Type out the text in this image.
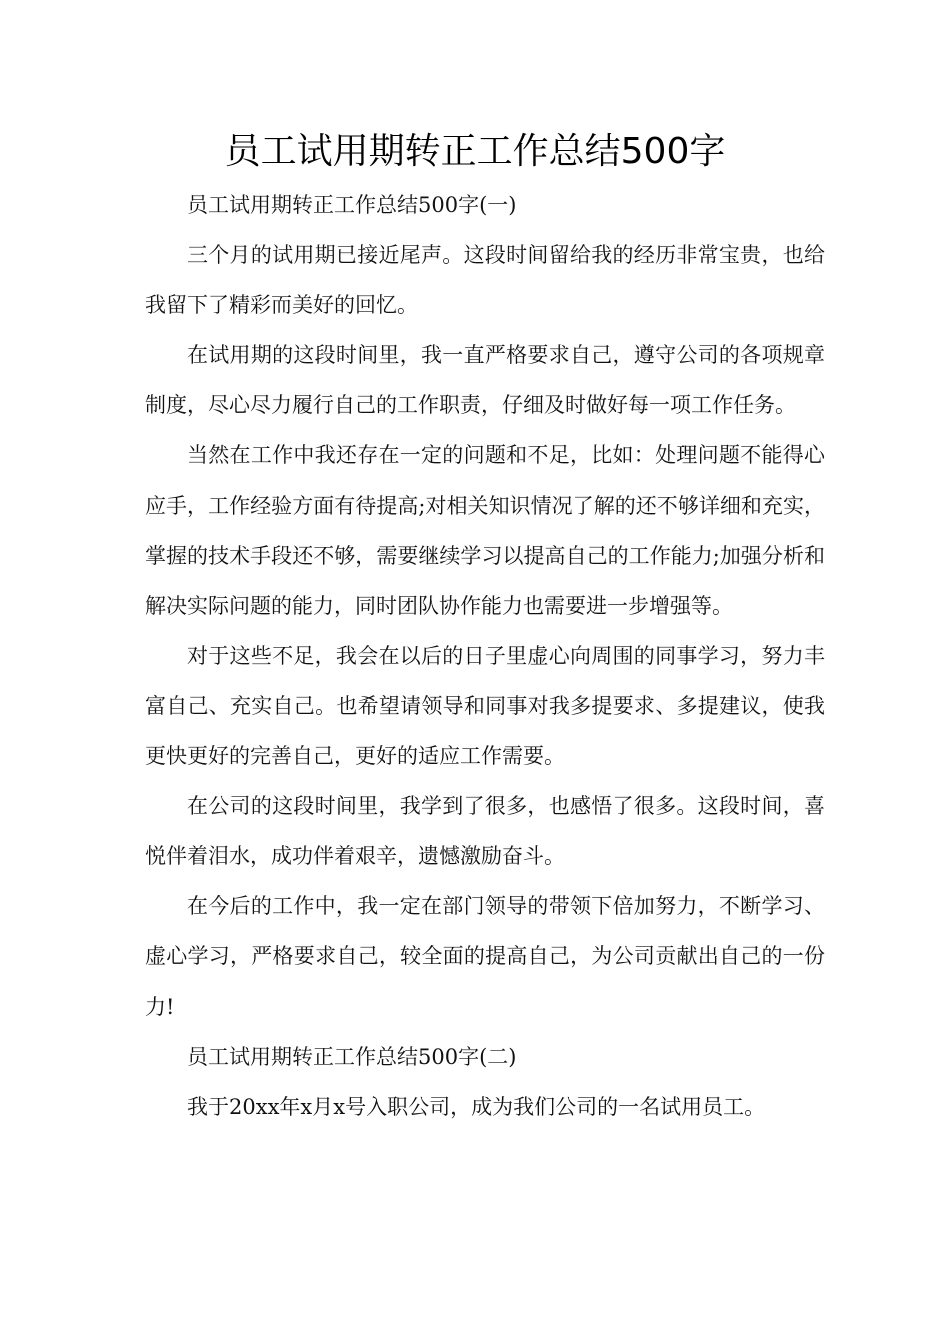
员工试用期转正工作总结500字

员工试用期转正工作总结500字(一)

三个月的试用期已接近尾声。这段时间留给我的经历非常宝贵，也给我留下了精彩而美好的回忆。

在试用期的这段时间里，我一直严格要求自己，遵守公司的各项规章制度，尽心尽力履行自己的工作职责，仔细及时做好每一项工作任务。

当然在工作中我还存在一定的问题和不足，比如：处理问题不能得心应手，工作经验方面有待提高;对相关知识情况了解的还不够详细和充实，掌握的技术手段还不够，需要继续学习以提高自己的工作能力;加强分析和解决实际问题的能力，同时团队协作能力也需要进一步增强等。

对于这些不足，我会在以后的日子里虚心向周围的同事学习，努力丰富自己、充实自己。也希望请领导和同事对我多提要求、多提建议，使我更快更好的完善自己，更好的适应工作需要。

在公司的这段时间里，我学到了很多，也感悟了很多。这段时间，喜悦伴着泪水，成功伴着艰辛，遗憾激励奋斗。

在今后的工作中，我一定在部门领导的带领下倍加努力，不断学习、虚心学习，严格要求自己，较全面的提高自己，为公司贡献出自己的一份力!

员工试用期转正工作总结500字(二)

我于20xx年x月x号入职公司，成为我们公司的一名试用员工。
